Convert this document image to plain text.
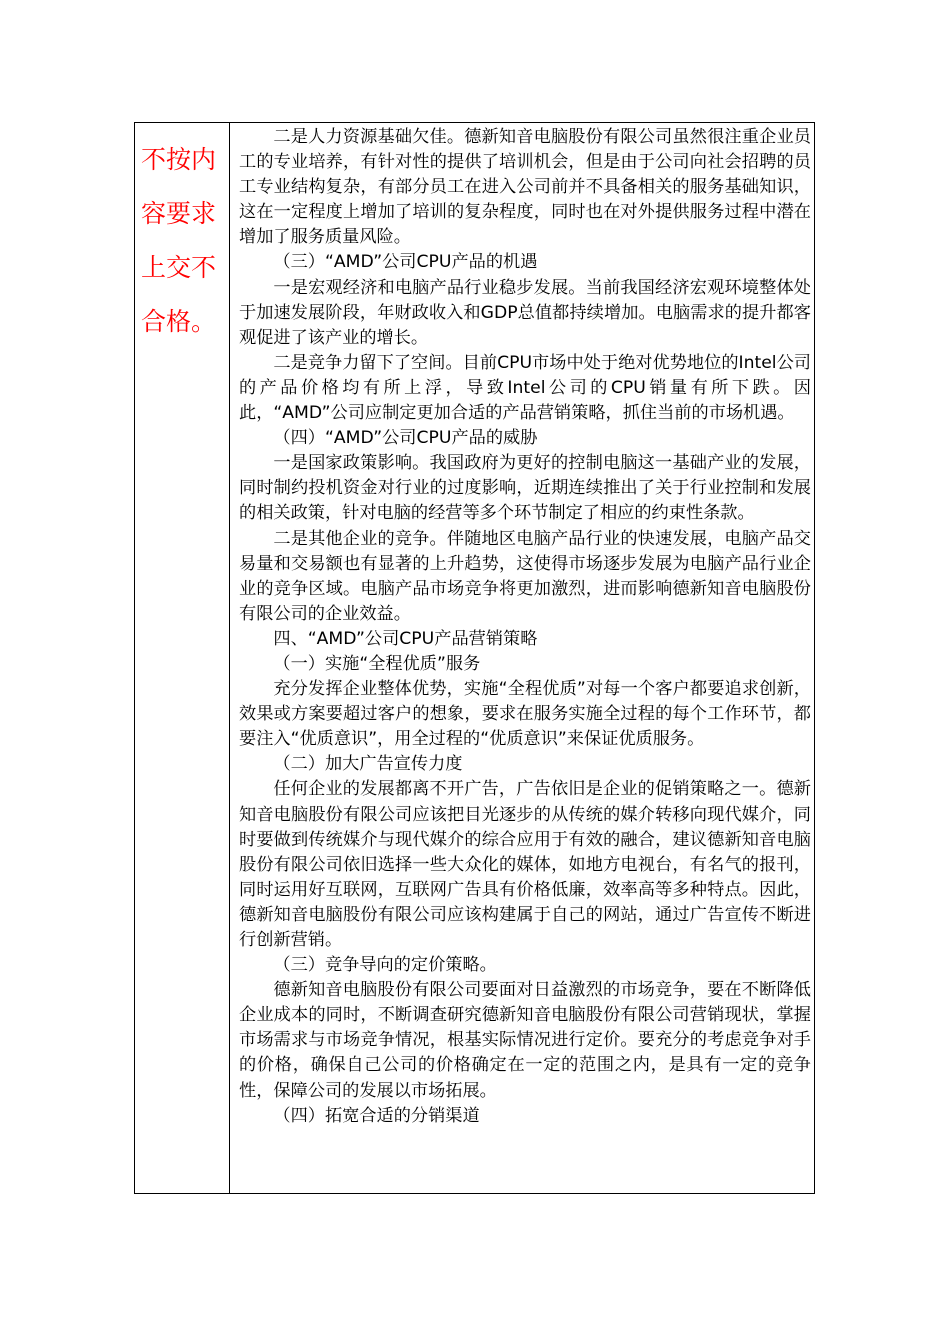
不按内容要求上交不合格。

二是人力资源基础欠佳。德新知音电脑股份有限公司虽然很注重企业员工的专业培养，有针对性的提供了培训机会，但是由于公司向社会招聘的员工专业结构复杂，有部分员工在进入公司前并不具备相关的服务基础知识，这在一定程度上增加了培训的复杂程度，同时也在对外提供服务过程中潜在增加了服务质量风险。

（三）“AMD”公司CPU产品的机遇

一是宏观经济和电脑产品行业稳步发展。当前我国经济宏观环境整体处于加速发展阶段，年财政收入和GDP总值都持续增加。电脑需求的提升都客观促进了该产业的增长。

二是竞争力留下了空间。目前CPU市场中处于绝对优势地位的Intel公司的产品价格均有所上浮，导致Intel公司的CPU销量有所下跌。因此，“AMD”公司应制定更加合适的产品营销策略，抓住当前的市场机遇。

（四）“AMD”公司CPU产品的威胁

一是国家政策影响。我国政府为更好的控制电脑这一基础产业的发展，同时制约投机资金对行业的过度影响，近期连续推出了关于行业控制和发展的相关政策，针对电脑的经营等多个环节制定了相应的约束性条款。

二是其他企业的竞争。伴随地区电脑产品行业的快速发展，电脑产品交易量和交易额也有显著的上升趋势，这使得市场逐步发展为电脑产品行业企业的竞争区域。电脑产品市场竞争将更加激烈，进而影响德新知音电脑股份有限公司的企业效益。

四、“AMD”公司CPU产品营销策略

（一）实施“全程优质”服务

充分发挥企业整体优势，实施“全程优质”对每一个客户都要追求创新，效果或方案要超过客户的想象，要求在服务实施全过程的每个工作环节，都要注入“优质意识”，用全过程的“优质意识”来保证优质服务。

（二）加大广告宣传力度

任何企业的发展都离不开广告，广告依旧是企业的促销策略之一。德新知音电脑股份有限公司应该把目光逐步的从传统的媒介转移向现代媒介，同时要做到传统媒介与现代媒介的综合应用于有效的融合，建议德新知音电脑股份有限公司依旧选择一些大众化的媒体，如地方电视台，有名气的报刊，同时运用好互联网，互联网广告具有价格低廉，效率高等多种特点。因此，德新知音电脑股份有限公司应该构建属于自己的网站，通过广告宣传不断进行创新营销。

（三）竞争导向的定价策略。

德新知音电脑股份有限公司要面对日益激烈的市场竞争，要在不断降低企业成本的同时，不断调查研究德新知音电脑股份有限公司营销现状，掌握市场需求与市场竞争情况，根基实际情况进行定价。要充分的考虑竞争对手的价格，确保自己公司的价格确定在一定的范围之内，是具有一定的竞争性，保障公司的发展以市场拓展。

（四）拓宽合适的分销渠道
